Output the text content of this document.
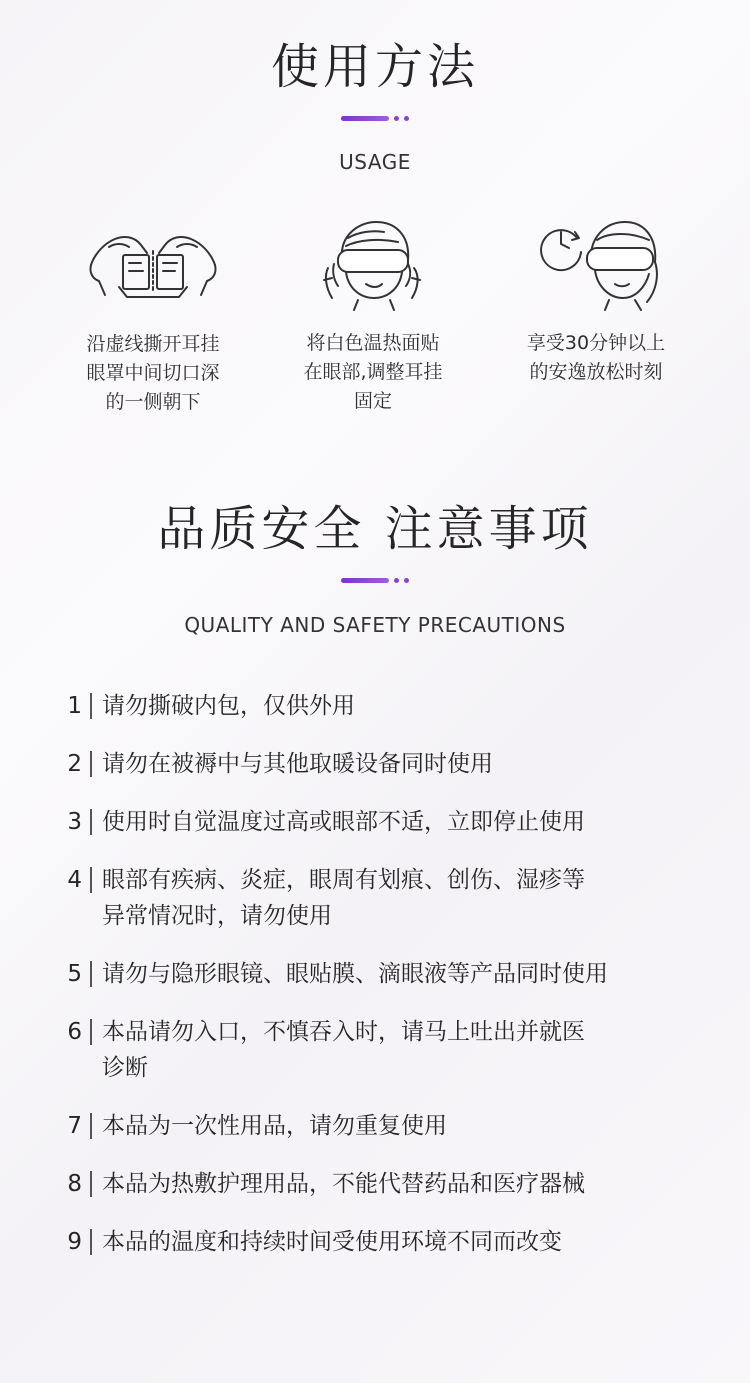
使用方法
USAGE
沿虚线撕开耳挂
眼罩中间切口深
的一侧朝下
将白色温热面贴
在眼部,调整耳挂
固定
享受30分钟以上
的安逸放松时刻
品质安全 注意事项
QUALITY AND SAFETY PRECAUTIONS
1 请勿撕破内包，仅供外用
2 请勿在被褥中与其他取暖设备同时使用
3 使用时自觉温度过高或眼部不适，立即停止使用
4 眼部有疾病、炎症，眼周有划痕、创伤、湿疹等
异常情况时，请勿使用
5 请勿与隐形眼镜、眼贴膜、滴眼液等产品同时使用
6 本品请勿入口，不慎吞入时，请马上吐出并就医
诊断
7 本品为一次性用品，请勿重复使用
8 本品为热敷护理用品，不能代替药品和医疗器械
9 本品的温度和持续时间受使用环境不同而改变
